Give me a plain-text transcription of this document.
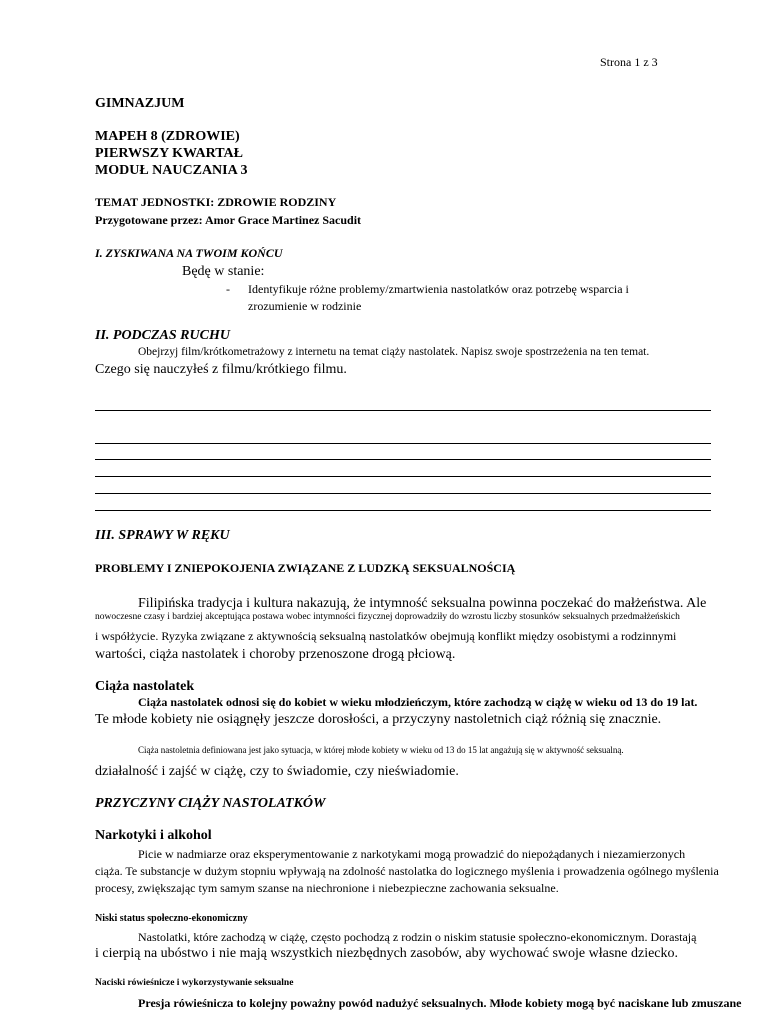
Strona 1 z 3
GIMNAZJUM
MAPEH 8 (ZDROWIE)
PIERWSZY KWARTAŁ
MODUŁ NAUCZANIA 3
TEMAT JEDNOSTKI: ZDROWIE RODZINY
Przygotowane przez: Amor Grace Martinez Sacudit
I. ZYSKIWANA NA TWOIM KOŃCU
Będę w stanie:
- Identyfikuje różne problemy/zmartwienia nastolatków oraz potrzebę wsparcia i
zrozumienie w rodzinie
II. PODCZAS RUCHU
Obejrzyj film/krótkometrażowy z internetu na temat ciąży nastolatek. Napisz swoje spostrzeżenia na ten temat.
Czego się nauczyłeś z filmu/krótkiego filmu.
III. SPRAWY W RĘKU
PROBLEMY I ZNIEPOKOJENIA ZWIĄZANE Z LUDZKĄ SEKSUALNOŚCIĄ
Filipińska tradycja i kultura nakazują, że intymność seksualna powinna poczekać do małżeństwa. Ale
nowoczesne czasy i bardziej akceptująca postawa wobec intymności fizycznej doprowadziły do wzrostu liczby stosunków seksualnych przedmałżeńskich
i współżycie. Ryzyka związane z aktywnością seksualną nastolatków obejmują konflikt między osobistymi a rodzinnymi
wartości, ciąża nastolatek i choroby przenoszone drogą płciową.
Ciąża nastolatek
Ciąża nastolatek odnosi się do kobiet w wieku młodzieńczym, które zachodzą w ciążę w wieku od 13 do 19 lat.
Te młode kobiety nie osiągnęły jeszcze dorosłości, a przyczyny nastoletnich ciąż różnią się znacznie.
Ciąża nastoletnia definiowana jest jako sytuacja, w której młode kobiety w wieku od 13 do 15 lat angażują się w aktywność seksualną.
działalność i zajść w ciążę, czy to świadomie, czy nieświadomie.
PRZYCZYNY CIĄŻY NASTOLATKÓW
Narkotyki i alkohol
Picie w nadmiarze oraz eksperymentowanie z narkotykami mogą prowadzić do niepożądanych i niezamierzonych
ciąża. Te substancje w dużym stopniu wpływają na zdolność nastolatka do logicznego myślenia i prowadzenia ogólnego myślenia
procesy, zwiększając tym samym szanse na niechronione i niebezpieczne zachowania seksualne.
Niski status społeczno-ekonomiczny
Nastolatki, które zachodzą w ciążę, często pochodzą z rodzin o niskim statusie społeczno-ekonomicznym. Dorastają
i cierpią na ubóstwo i nie mają wszystkich niezbędnych zasobów, aby wychować swoje własne dziecko.
Naciski rówieśnicze i wykorzystywanie seksualne
Presja rówieśnicza to kolejny poważny powód nadużyć seksualnych. Młode kobiety mogą być naciskane lub zmuszane
